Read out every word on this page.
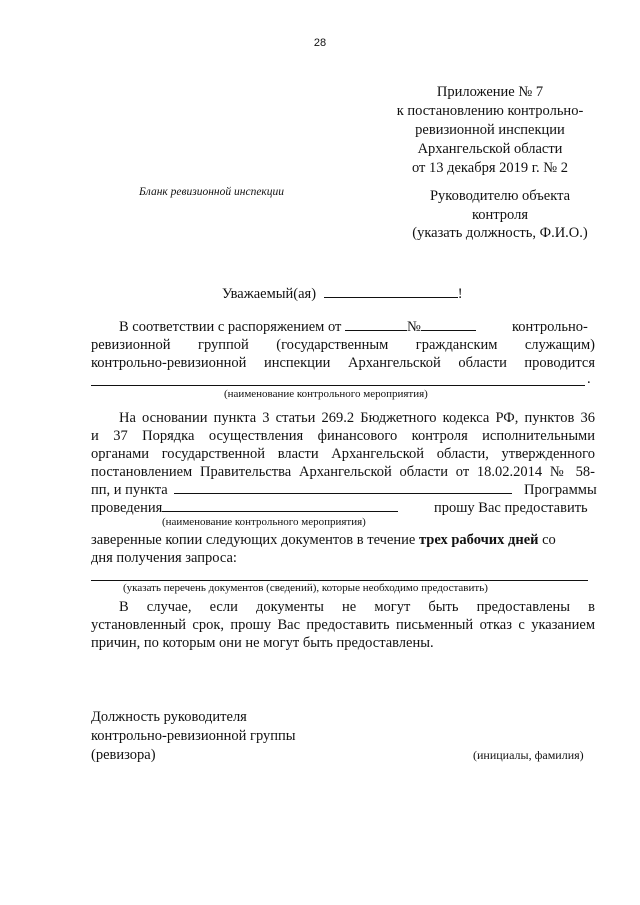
28
Приложение № 7
к постановлению контрольно-
ревизионной инспекции
Архангельской области
от 13 декабря 2019 г. № 2
Бланк ревизионной инспекции	Руководителю объекта
контроля
(указать должность, Ф.И.О.)
Уважаемый(ая)	!
В соответствии с распоряжением от	№	контрольно-
ревизионной группой (государственным гражданским служащим)
контрольно-ревизионной инспекции Архангельской области проводится
.
(наименование контрольного мероприятия)
На основании пункта 3 статьи 269.2 Бюджетного кодекса РФ, пунктов 36
и 37 Порядка осуществления финансового контроля исполнительными
органами государственной власти Архангельской области, утвержденного
постановлением Правительства Архангельской области от 18.02.2014 № 58-
пп, и пункта	Программы
проведения	прошу Вас предоставить
(наименование контрольного мероприятия)
заверенные копии следующих документов в течение трех рабочих дней со
дня получения запроса:
(указать перечень документов (сведений), которые необходимо предоставить)
В случае, если документы не могут быть предоставлены в
установленный срок, прошу Вас предоставить письменный отказ с указанием
причин, по которым они не могут быть предоставлены.
Должность руководителя
контрольно-ревизионной группы
(ревизора)	(инициалы, фамилия)
